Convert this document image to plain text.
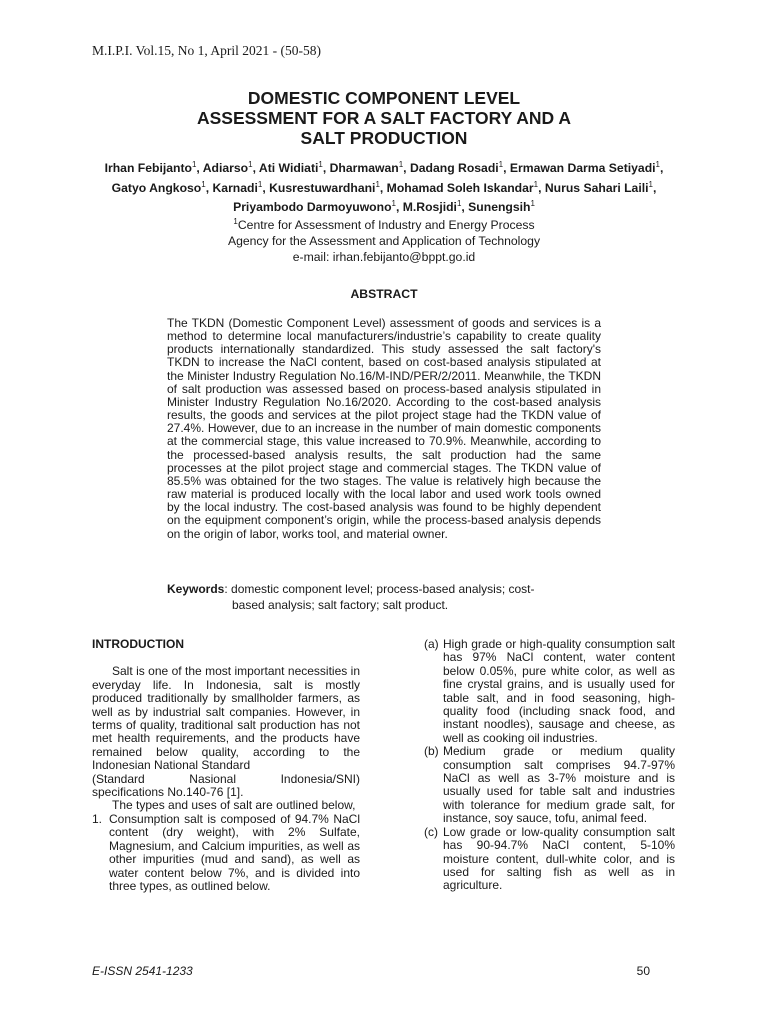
M.I.P.I. Vol.15, No 1, April 2021 - (50-58)
DOMESTIC COMPONENT LEVEL
ASSESSMENT FOR A SALT FACTORY AND A
SALT PRODUCTION
Irhan Febijanto$^1$, Adiarso$^1$, Ati Widiati$^1$, Dharmawan$^1$, Dadang Rosadi$^1$, Ermawan Darma Setiyadi$^1$, Gatyo Angkoso$^1$, Karnadi$^1$, Kusrestuwardhani$^1$, Mohamad Soleh Iskandar$^1$, Nurus Sahari Laili$^1$, Priyambodo Darmoyuwono$^1$, M.Rosjidi$^1$, Sunengsih$^1$
$^1$Centre for Assessment of Industry and Energy Process
Agency for the Assessment and Application of Technology
e-mail: irhan.febijanto@bppt.go.id
ABSTRACT
The TKDN (Domestic Component Level) assessment of goods and services is a method to determine local manufacturers/industrie’s capability to create quality products internationally standardized. This study assessed the salt factory's TKDN to increase the NaCl content, based on cost-based analysis stipulated at the Minister Industry Regulation No.16/M-IND/PER/2/2011. Meanwhile, the TKDN of salt production was assessed based on process-based analysis stipulated in Minister Industry Regulation No.16/2020. According to the cost-based analysis results, the goods and services at the pilot project stage had the TKDN value of 27.4%. However, due to an increase in the number of main domestic components at the commercial stage, this value increased to 70.9%. Meanwhile, according to the processed-based analysis results, the salt production had the same processes at the pilot project stage and commercial stages. The TKDN value of 85.5% was obtained for the two stages. The value is relatively high because the raw material is produced locally with the local labor and used work tools owned by the local industry. The cost-based analysis was found to be highly dependent on the equipment component’s origin, while the process-based analysis depends on the origin of labor, works tool, and material owner.
Keywords: domestic component level; process-based analysis; cost-
based analysis; salt factory; salt product.
INTRODUCTION

Salt is one of the most important necessities in everyday life. In Indonesia, salt is mostly produced traditionally by smallholder farmers, as well as by industrial salt companies. However, in terms of quality, traditional salt production has not met health requirements, and the products have remained below quality, according to the Indonesian National Standard

(Standard	Nasional	Indonesia/SNI)
specifications No.140-76 [1].

The types and uses of salt are outlined below,

1. Consumption salt is composed of 94.7% NaCl content (dry weight), with 2% Sulfate, Magnesium, and Calcium impurities, as well as other impurities (mud and sand), as well as water content below 7%, and is divided into three types, as outlined below.
(a) High grade or high-quality consumption salt has 97% NaCl content, water content below 0.05%, pure white color, as well as fine crystal grains, and is usually used for table salt, and in food seasoning, high-quality food (including snack food, and instant noodles), sausage and cheese, as well as cooking oil industries.
(b) Medium grade or medium quality consumption salt comprises 94.7-97% NaCl as well as 3-7% moisture and is usually used for table salt and industries with tolerance for medium grade salt, for instance, soy sauce, tofu, animal feed.
(c) Low grade or low-quality consumption salt has 90-94.7% NaCl content, 5-10% moisture content, dull-white color, and is used for salting fish as well as in agriculture.
E-ISSN 2541-1233	50
